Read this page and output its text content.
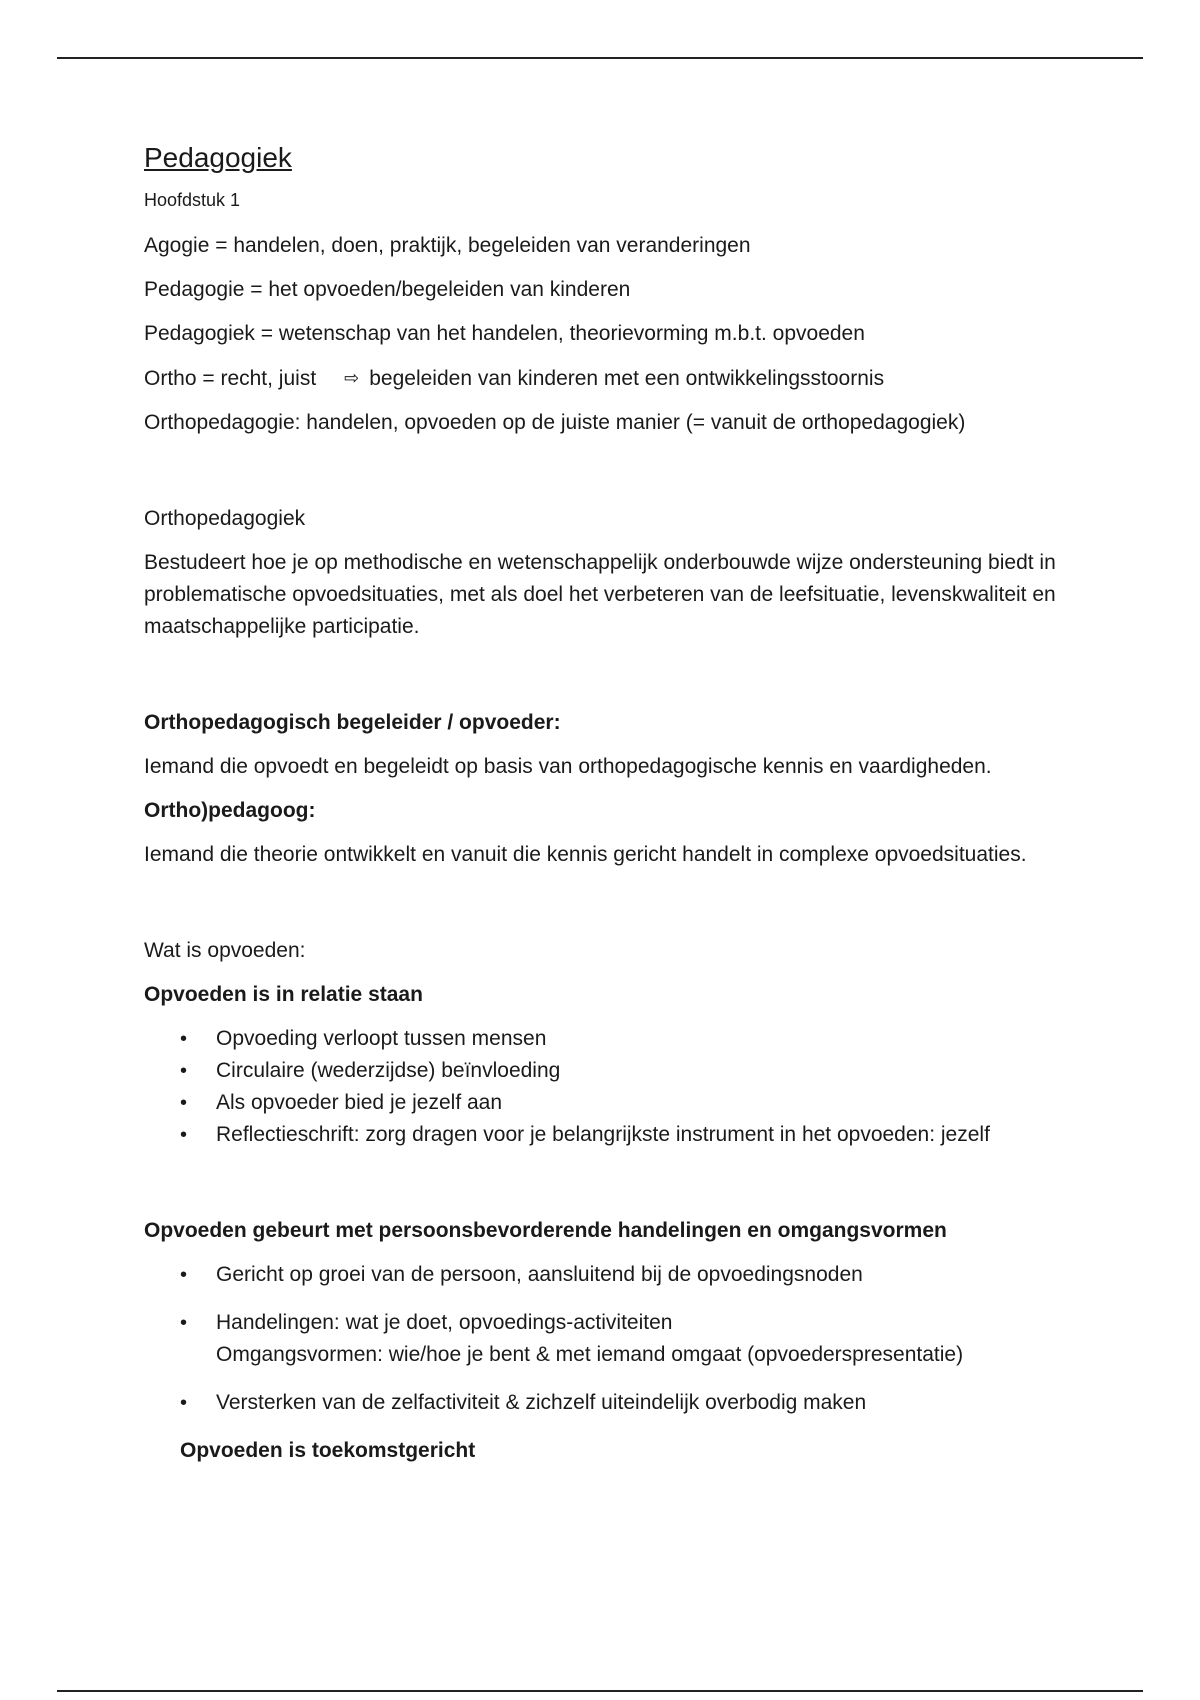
Pedagogiek
Hoofdstuk 1

Agogie = handelen, doen, praktijk, begeleiden van veranderingen

Pedagogie = het opvoeden/begeleiden van kinderen

Pedagogiek = wetenschap van het handelen, theorievorming m.b.t. opvoeden

Ortho = recht, juist ⇨ begeleiden van kinderen met een ontwikkelingsstoornis

Orthopedagogie: handelen, opvoeden op de juiste manier (= vanuit de orthopedagogiek)

Orthopedagogiek

Bestudeert hoe je op methodische en wetenschappelijk onderbouwde wijze ondersteuning biedt in problematische opvoedsituaties, met als doel het verbeteren van de leefsituatie, levenskwaliteit en maatschappelijke participatie.

Orthopedagogisch begeleider / opvoeder:

Iemand die opvoedt en begeleidt op basis van orthopedagogische kennis en vaardigheden.

Ortho)pedagoog:

Iemand die theorie ontwikkelt en vanuit die kennis gericht handelt in complexe opvoedsituaties.

Wat is opvoeden:

Opvoeden is in relatie staan

• Opvoeding verloopt tussen mensen
• Circulaire (wederzijdse) beïnvloeding
• Als opvoeder bied je jezelf aan
• Reflectieschrift: zorg dragen voor je belangrijkste instrument in het opvoeden: jezelf

Opvoeden gebeurt met persoonsbevorderende handelingen en omgangsvormen

• Gericht op groei van de persoon, aansluitend bij de opvoedingsnoden
• Handelingen: wat je doet, opvoedings-activiteiten
Omgangsvormen: wie/hoe je bent & met iemand omgaat (opvoederspresentatie)
• Versterken van de zelfactiviteit & zichzelf uiteindelijk overbodig maken

Opvoeden is toekomstgericht
